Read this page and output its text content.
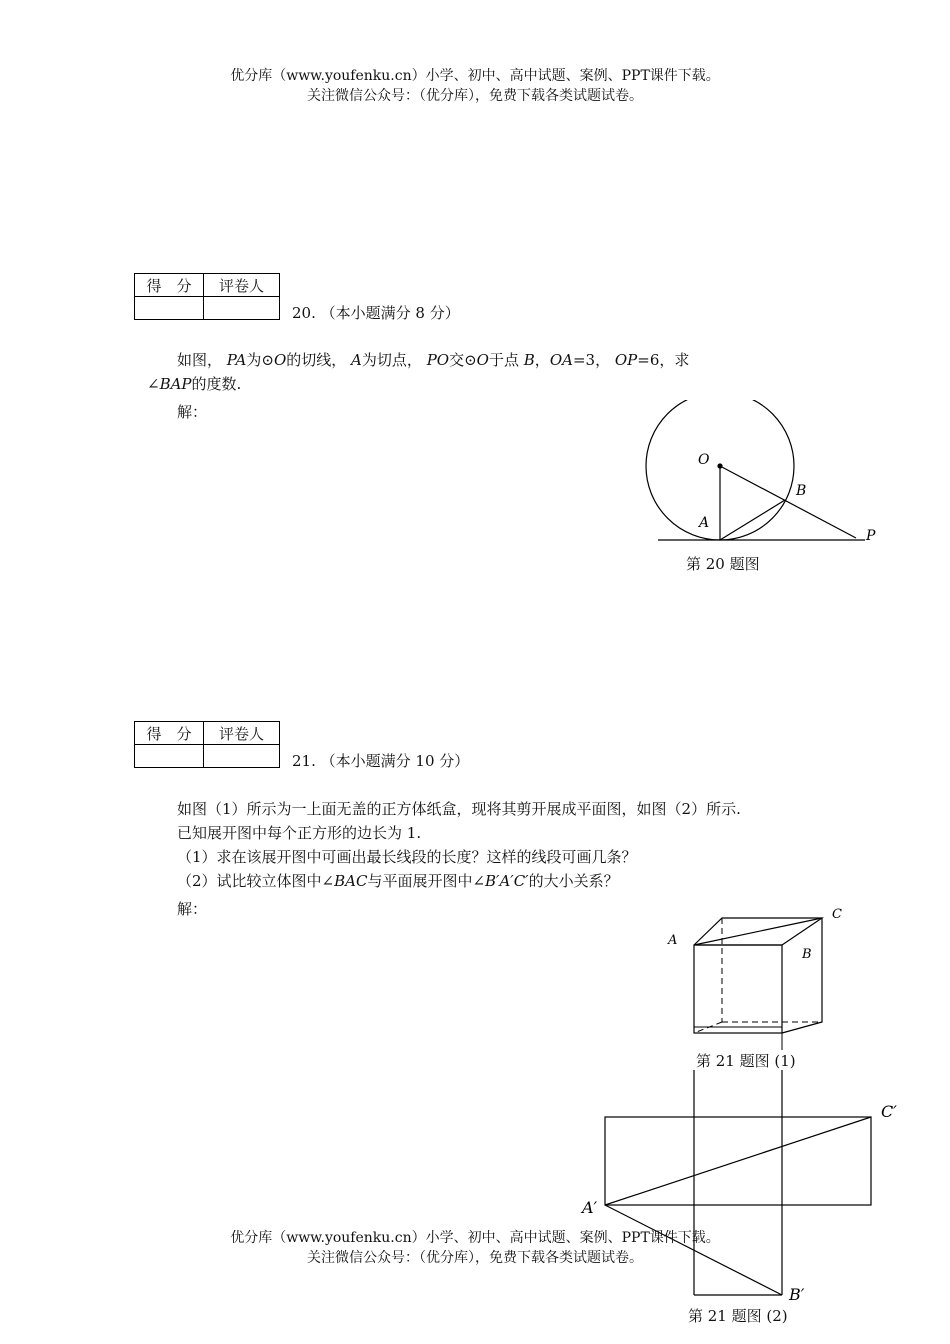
优分库（www.youfenku.cn）小学、初中、高中试题、案例、PPT课件下载。
关注微信公众号：（优分库），免费下载各类试题试卷。
得　分	评卷人

20. （本小题满分 8 分）
如图， PA为⊙O的切线， A为切点， PO交⊙O于点 B，OA=3， OP=6，求
∠BAP的度数.
解：
O
A
B
P
第 20 题图
得　分	评卷人

21. （本小题满分 10 分）
如图（1）所示为一上面无盖的正方体纸盒，现将其剪开展成平面图，如图（2）所示.
已知展开图中每个正方形的边长为 1.
（1）求在该展开图中可画出最长线段的长度？这样的线段可画几条？
（2）试比较立体图中∠BAC与平面展开图中∠B′A′C′的大小关系？
解：
A
B
C
第 21 题图 (1)
A′
B′
C′
第 21 题图 (2)
优分库（www.youfenku.cn）小学、初中、高中试题、案例、PPT课件下载。
关注微信公众号：（优分库），免费下载各类试题试卷。
